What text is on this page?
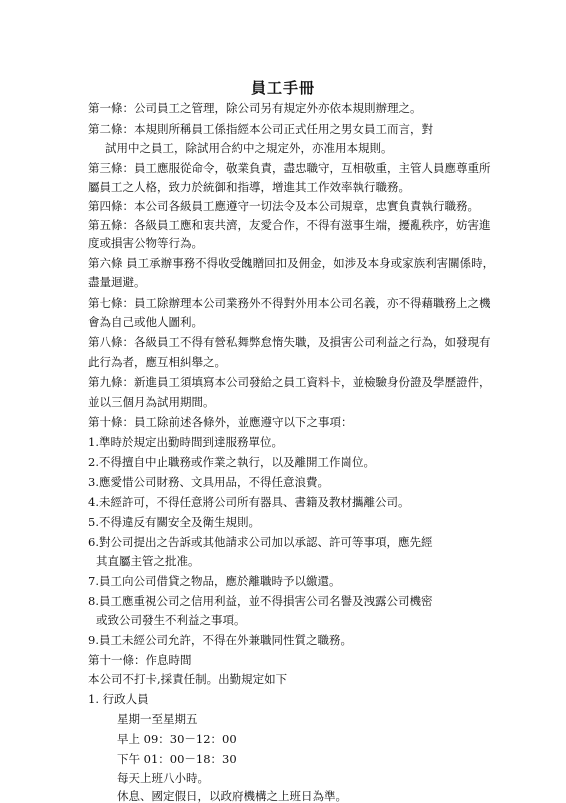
員工手冊
第一條：公司員工之管理，除公司另有規定外亦依本規則辦理之。
第二條：本規則所稱員工係指經本公司正式任用之男女員工而言，對
試用中之員工，除試用合約中之規定外，亦准用本規則。
第三條：員工應服從命令，敬業負責，盡忠職守，互相敬重，主管人員應尊重所
屬員工之人格，致力於統御和指導，增進其工作效率執行職務。
第四條：本公司各級員工應遵守一切法令及本公司規章，忠實負責執行職務。
第五條：各級員工應和衷共濟，友愛合作，不得有滋事生端，擾亂秩序，妨害進
度或損害公物等行為。
第六條 員工承辦事務不得收受餽贈回扣及佣金，如涉及本身或家族利害關係時，
盡量迴避。
第七條：員工除辦理本公司業務外不得對外用本公司名義，亦不得藉職務上之機
會為自己或他人圖利。
第八條：各級員工不得有營私舞弊怠惰失職，及損害公司利益之行為，如發現有
此行為者，應互相糾舉之。
第九條：新進員工須填寫本公司發給之員工資料卡，並檢驗身份證及學歷證件，
並以三個月為試用期間。
第十條：員工除前述各條外，並應遵守以下之事項：
1.準時於規定出勤時間到達服務單位。
2.不得擅自中止職務或作業之執行，以及離開工作崗位。
3.應愛惜公司財務、文具用品，不得任意浪費。
4.未經許可，不得任意將公司所有器具、書籍及教材攜離公司。
5.不得違反有關安全及衛生規則。
6.對公司提出之告訴或其他請求公司加以承認、許可等事項，應先經
其直屬主管之批准。
7.員工向公司借貸之物品，應於離職時予以繳還。
8.員工應重視公司之信用利益，並不得損害公司名譽及洩露公司機密
或致公司發生不利益之事項。
9.員工未經公司允許，不得在外兼職同性質之職務。
第十一條：作息時間
本公司不打卡,採責任制。出勤規定如下
1. 行政人員
星期一至星期五
早上 09：30－12：00
下午 01：00－18：30
每天上班八小時。
休息、國定假日，以政府機構之上班日為準。
